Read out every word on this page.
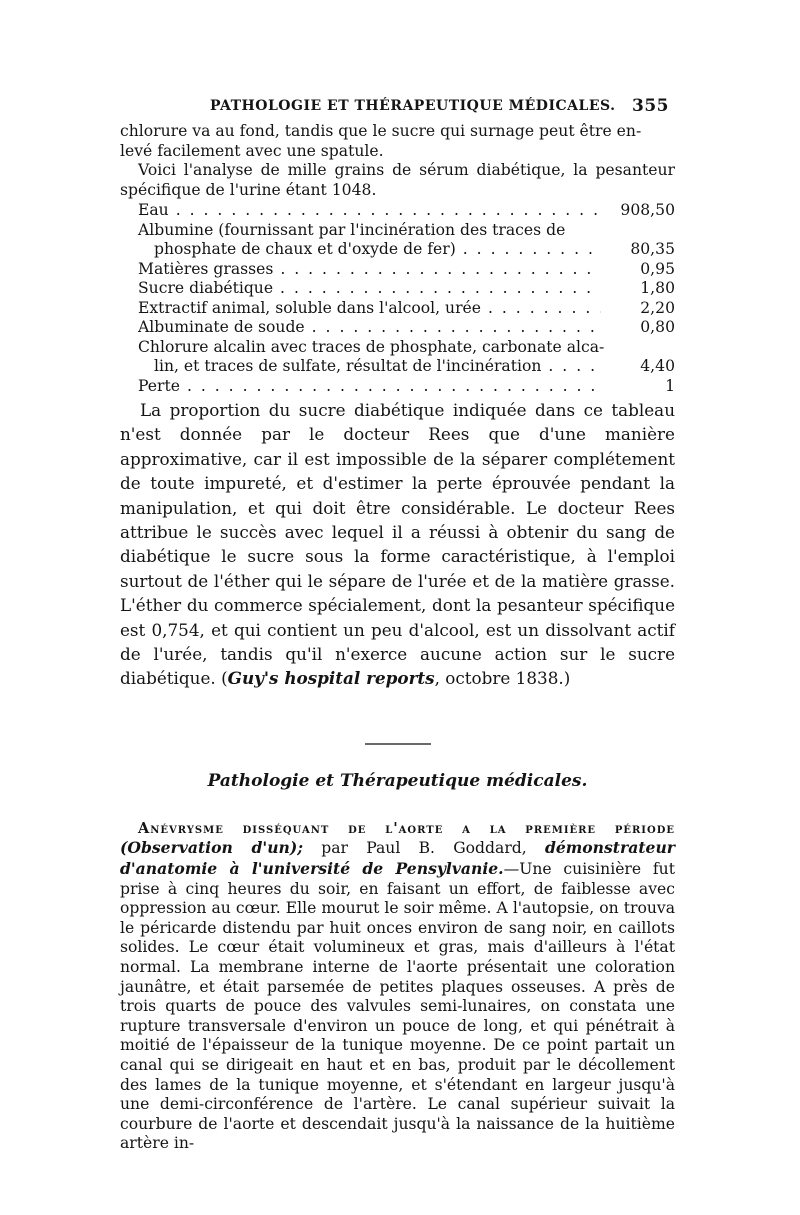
PATHOLOGIE ET THÉRAPEUTIQUE MÉDICALES. 355

chlorure va au fond, tandis que le sucre qui surnage peut être en-

levé facilement avec une spatule.

Voici l'analyse de mille grains de sérum diabétique, la pesanteur spécifique de l'urine étant 1048.

Eau . . .	908,50
Albumine (fournissant par l'incinération des traces de
phosphate de chaux et d'oxyde de fer) . . .	80,35
Matières grasses . . .	0,95
Sucre diabétique . . .	1,80
Extractif animal, soluble dans l'alcool, urée . . .	2,20
Albuminate de soude . . .	0,80
Chlorure alcalin avec traces de phosphate, carbonate alca-
lin, et traces de sulfate, résultat de l'incinération . . .	4,40
Perte . . .	1

La proportion du sucre diabétique indiquée dans ce tableau n'est donnée par le docteur Rees que d'une manière approximative, car il est impossible de la séparer complétement de toute impureté, et d'estimer la perte éprouvée pendant la manipulation, et qui doit être considérable. Le docteur Rees attribue le succès avec lequel il a réussi à obtenir du sang de diabétique le sucre sous la forme caractéristique, à l'emploi surtout de l'éther qui le sépare de l'urée et de la matière grasse. L'éther du commerce spécialement, dont la pesanteur spécifique est 0,754, et qui contient un peu d'alcool, est un dissolvant actif de l'urée, tandis qu'il n'exerce aucune action sur le sucre diabétique. (Guy's hospital reports, octobre 1838.)

Pathologie et Thérapeutique médicales.

Anévrysme disséquant de l'aorte a la première période (Observation d'un); par Paul B. Goddard, démonstrateur d'anatomie à l'université de Pensylvanie.—Une cuisinière fut prise à cinq heures du soir, en faisant un effort, de faiblesse avec oppression au cœur. Elle mourut le soir même. A l'autopsie, on trouva le péricarde distendu par huit onces environ de sang noir, en caillots solides. Le cœur était volumineux et gras, mais d'ailleurs à l'état normal. La membrane interne de l'aorte présentait une coloration jaunâtre, et était parsemée de petites plaques osseuses. A près de trois quarts de pouce des valvules semi-lunaires, on constata une rupture transversale d'environ un pouce de long, et qui pénétrait à moitié de l'épaisseur de la tunique moyenne. De ce point partait un canal qui se dirigeait en haut et en bas, produit par le décollement des lames de la tunique moyenne, et s'étendant en largeur jusqu'à une demi-circonférence de l'artère. Le canal supérieur suivait la courbure de l'aorte et descendait jusqu'à la naissance de la huitième artère in-
